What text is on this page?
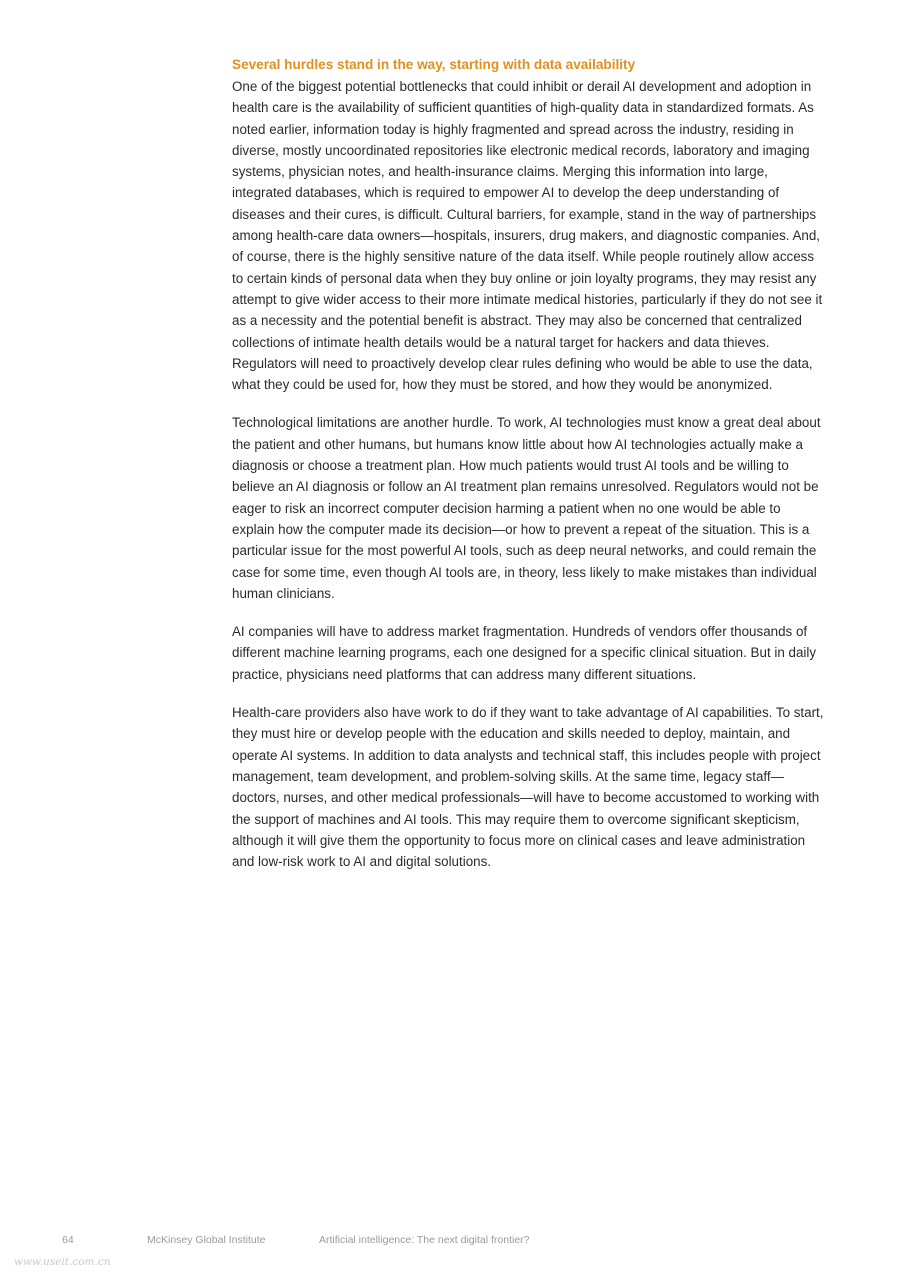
Several hurdles stand in the way, starting with data availability

One of the biggest potential bottlenecks that could inhibit or derail AI development and adoption in health care is the availability of sufficient quantities of high-quality data in standardized formats. As noted earlier, information today is highly fragmented and spread across the industry, residing in diverse, mostly uncoordinated repositories like electronic medical records, laboratory and imaging systems, physician notes, and health-insurance claims. Merging this information into large, integrated databases, which is required to empower AI to develop the deep understanding of diseases and their cures, is difficult. Cultural barriers, for example, stand in the way of partnerships among health-care data owners—hospitals, insurers, drug makers, and diagnostic companies. And, of course, there is the highly sensitive nature of the data itself. While people routinely allow access to certain kinds of personal data when they buy online or join loyalty programs, they may resist any attempt to give wider access to their more intimate medical histories, particularly if they do not see it as a necessity and the potential benefit is abstract. They may also be concerned that centralized collections of intimate health details would be a natural target for hackers and data thieves. Regulators will need to proactively develop clear rules defining who would be able to use the data, what they could be used for, how they must be stored, and how they would be anonymized.

Technological limitations are another hurdle. To work, AI technologies must know a great deal about the patient and other humans, but humans know little about how AI technologies actually make a diagnosis or choose a treatment plan. How much patients would trust AI tools and be willing to believe an AI diagnosis or follow an AI treatment plan remains unresolved. Regulators would not be eager to risk an incorrect computer decision harming a patient when no one would be able to explain how the computer made its decision—or how to prevent a repeat of the situation. This is a particular issue for the most powerful AI tools, such as deep neural networks, and could remain the case for some time, even though AI tools are, in theory, less likely to make mistakes than individual human clinicians.

AI companies will have to address market fragmentation. Hundreds of vendors offer thousands of different machine learning programs, each one designed for a specific clinical situation. But in daily practice, physicians need platforms that can address many different situations.

Health-care providers also have work to do if they want to take advantage of AI capabilities. To start, they must hire or develop people with the education and skills needed to deploy, maintain, and operate AI systems. In addition to data analysts and technical staff, this includes people with project management, team development, and problem-solving skills. At the same time, legacy staff—doctors, nurses, and other medical professionals—will have to become accustomed to working with the support of machines and AI tools. This may require them to overcome significant skepticism, although it will give them the opportunity to focus more on clinical cases and leave administration and low-risk work to AI and digital solutions.

64	McKinsey Global Institute	Artificial intelligence: The next digital frontier?
www.useit.com.cn
